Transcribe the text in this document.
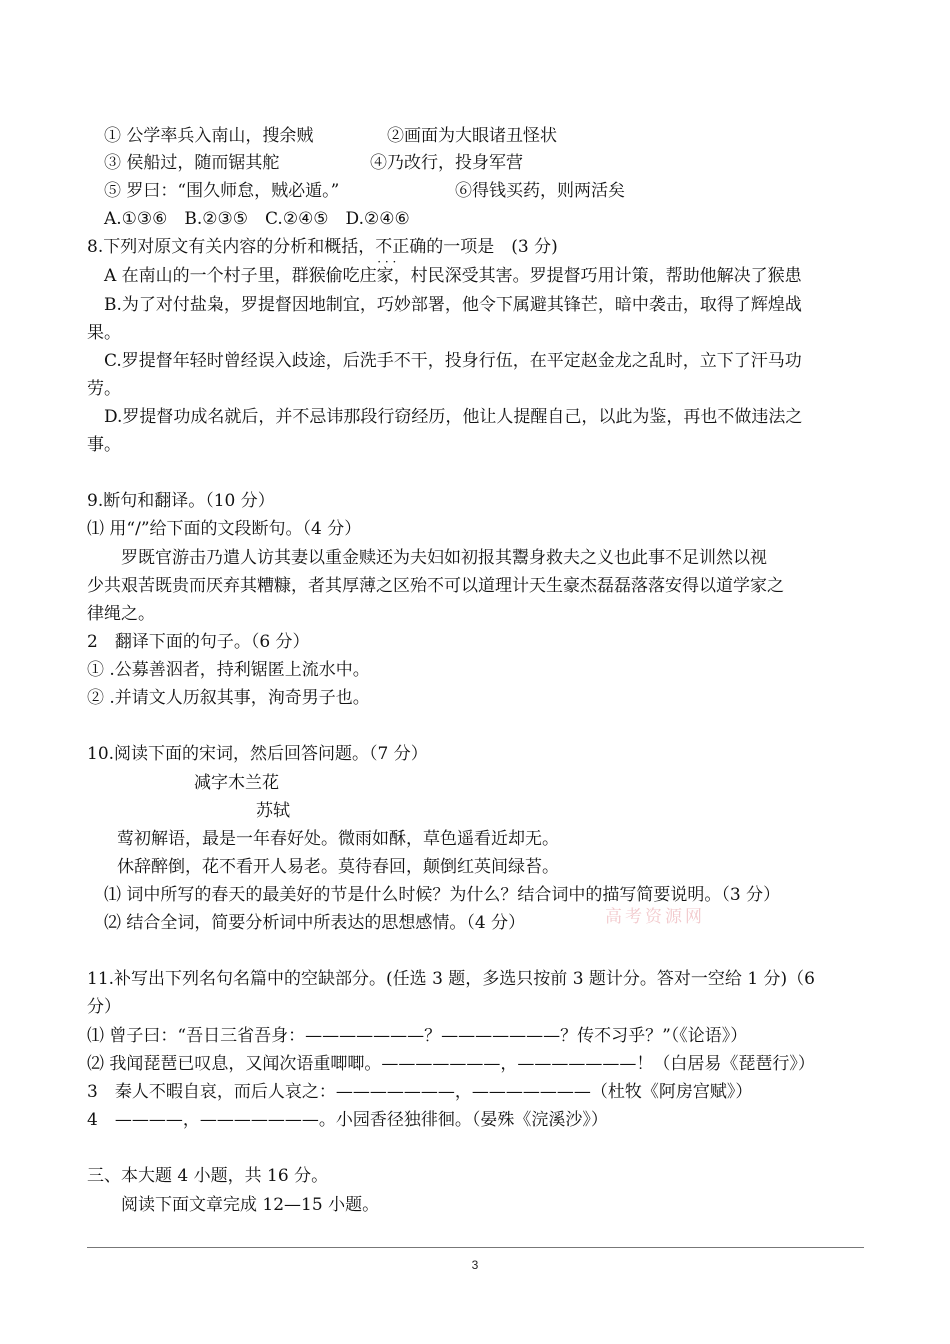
① 公学率兵入南山，搜余贼	②画面为大眼诸丑怪状
③ 侯船过，随而锯其舵	④乃改行，投身军营
⑤ 罗曰：“围久师怠，贼必遁。”	⑥得钱买药，则两活矣
A.①③⑥　B.②③⑤　C.②④⑤　D.②④⑥
8.下列对原文有关内容的分析和概括，不正确 · · ·的一项是　(3 分)
A 在南山的一个村子里，群猴偷吃庄家，村民深受其害。罗提督巧用计策，帮助他解决了猴患
B.为了对付盐枭，罗提督因地制宜，巧妙部署，他令下属避其锋芒，暗中袭击，取得了辉煌战
果。
C.罗提督年轻时曾经误入歧途，后洗手不干，投身行伍，在平定赵金龙之乱时，立下了汗马功
劳。
D.罗提督功成名就后，并不忌讳那段行窃经历，他让人提醒自己，以此为鉴，再也不做违法之
事。
9.断句和翻译。（10 分）
⑴ 用“/”给下面的文段断句。（4 分）
罗既官游击乃遣人访其妻以重金赎还为夫妇如初报其鬻身救夫之义也此事不足训然以视
少共艰苦既贵而厌弃其糟糠，者其厚薄之区殆不可以道理计天生豪杰磊磊落落安得以道学家之
律绳之。
2　翻译下面的句子。（6 分）
① .公募善泅者，持利锯匿上流水中。
② .并请文人历叙其事，洵奇男子也。
10.阅读下面的宋词，然后回答问题。（7 分）
减字木兰花
苏轼
莺初解语，最是一年春好处。微雨如酥，草色遥看近却无。
休辞醉倒，花不看开人易老。莫待春回，颠倒红英间绿苔。
⑴ 词中所写的春天的最美好的节是什么时候？为什么？结合词中的描写简要说明。（3 分）
⑵ 结合全词，简要分析词中所表达的思想感情。（4 分）	高考资源网
11.补写出下列名句名篇中的空缺部分。(任选 3 题，多选只按前 3 题计分。答对一空给 1 分)（6
分）
⑴ 曾子曰：“吾日三省吾身：———————？———————？传不习乎？”（《论语》）
⑵ 我闻琵琶已叹息，又闻次语重唧唧。———————，———————！（白居易《琵琶行》）
3　秦人不暇自哀，而后人哀之：———————，———————（杜牧《阿房宫赋》）
4　————，———————。小园香径独徘徊。（晏殊《浣溪沙》）
三、本大题 4 小题，共 16 分。
阅读下面文章完成 12—15 小题。
3
